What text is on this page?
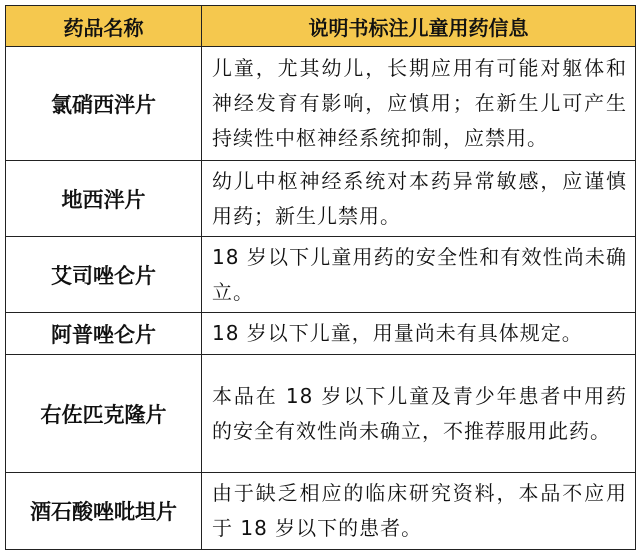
药品名称	说明书标注儿童用药信息
氯硝西泮片	儿童，尤其幼儿，长期应用有可能对躯体和神经发育有影响，应慎用；在新生儿可产生持续性中枢神经系统抑制，应禁用。
地西泮片	幼儿中枢神经系统对本药异常敏感，应谨慎用药；新生儿禁用。
艾司唑仑片	18 岁以下儿童用药的安全性和有效性尚未确立。
阿普唑仑片	18 岁以下儿童，用量尚未有具体规定。
右佐匹克隆片	本品在 18 岁以下儿童及青少年患者中用药的安全有效性尚未确立，不推荐服用此药。
酒石酸唑吡坦片	由于缺乏相应的临床研究资料，本品不应用于 18 岁以下的患者。
